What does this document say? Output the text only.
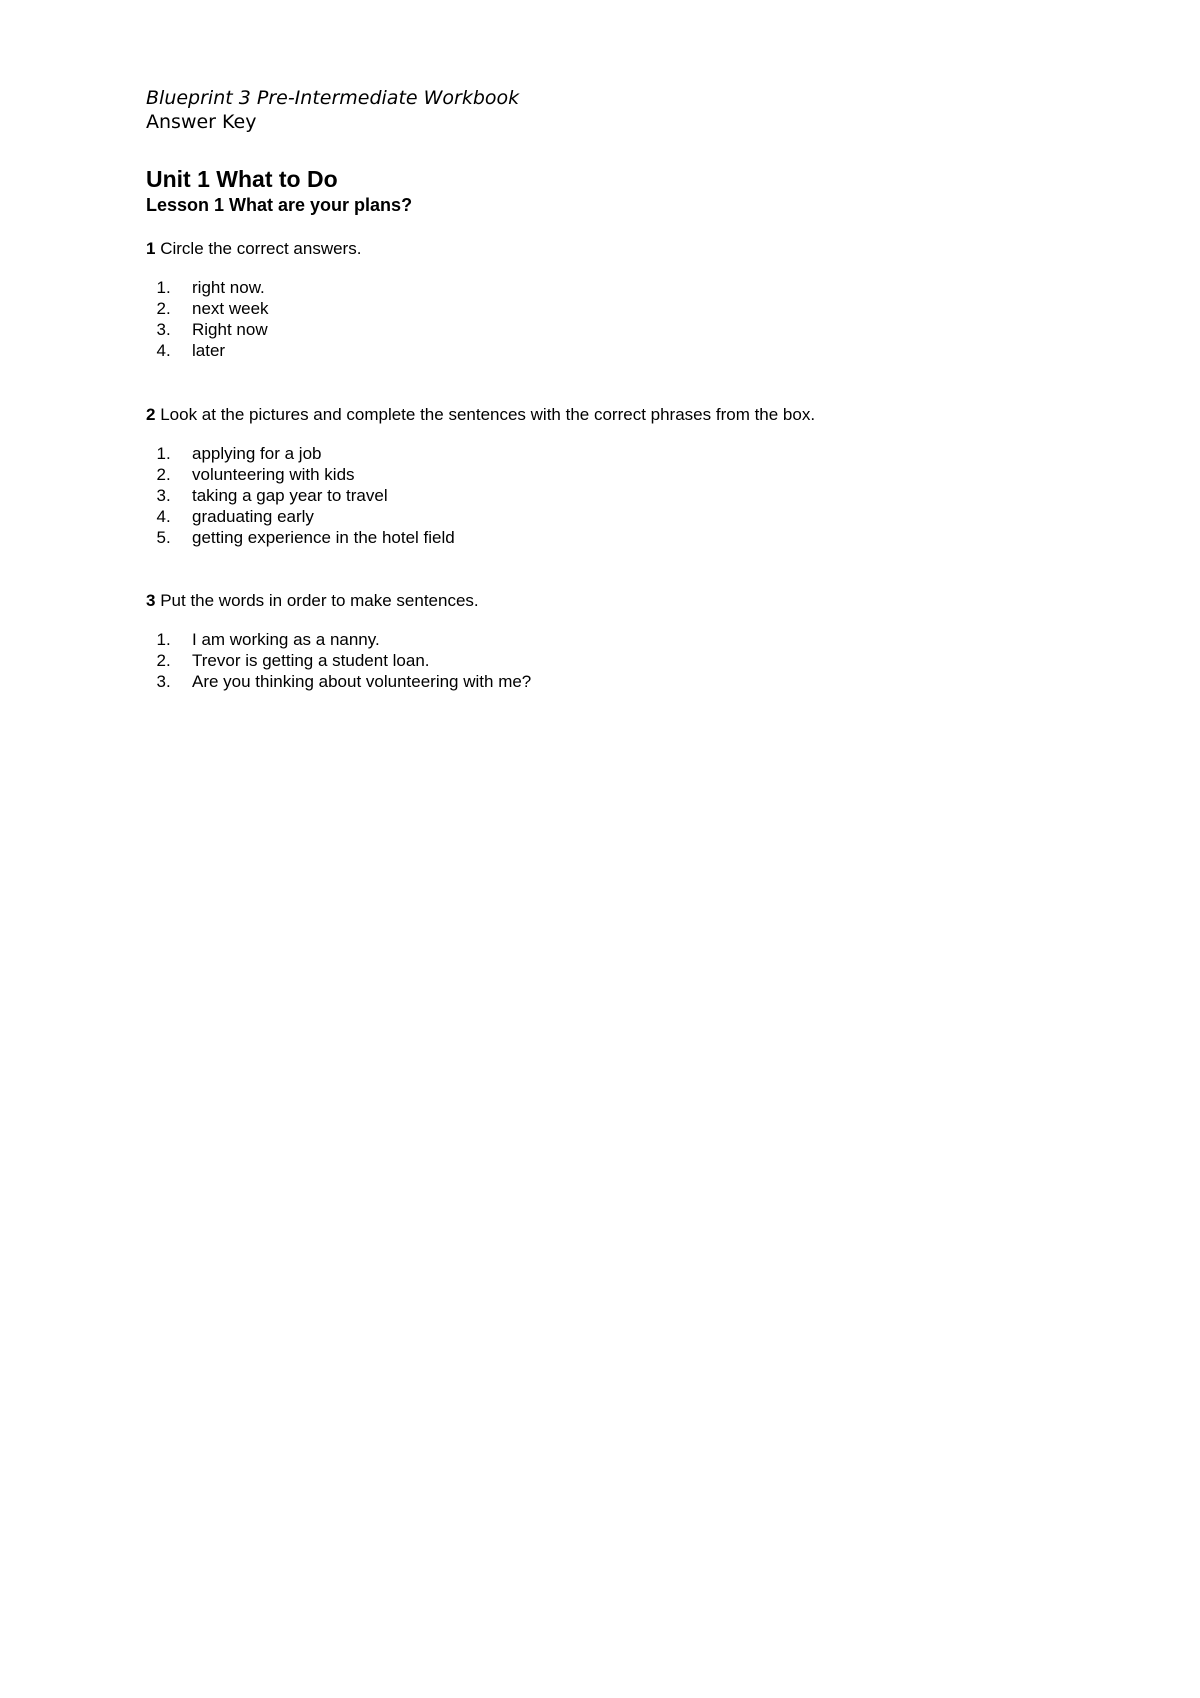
Blueprint 3 Pre-Intermediate Workbook

Answer Key

Unit 1 What to Do
Lesson 1 What are your plans?

1 Circle the correct answers.

1 .	right now.
2 .	next week
3 .	Right now
4 .	later

2 Look at the pictures and complete the sentences with the correct phrases from the box.

1 .	applying for a job
2 .	volunteering with kids
3 .	taking a gap year to travel
4 .	graduating early
5 .	getting experience in the hotel field

3 Put the words in order to make sentences.

1 .	I am working as a nanny.
2 .	Trevor is getting a student loan.
3 .	Are you thinking about volunteering with me?
